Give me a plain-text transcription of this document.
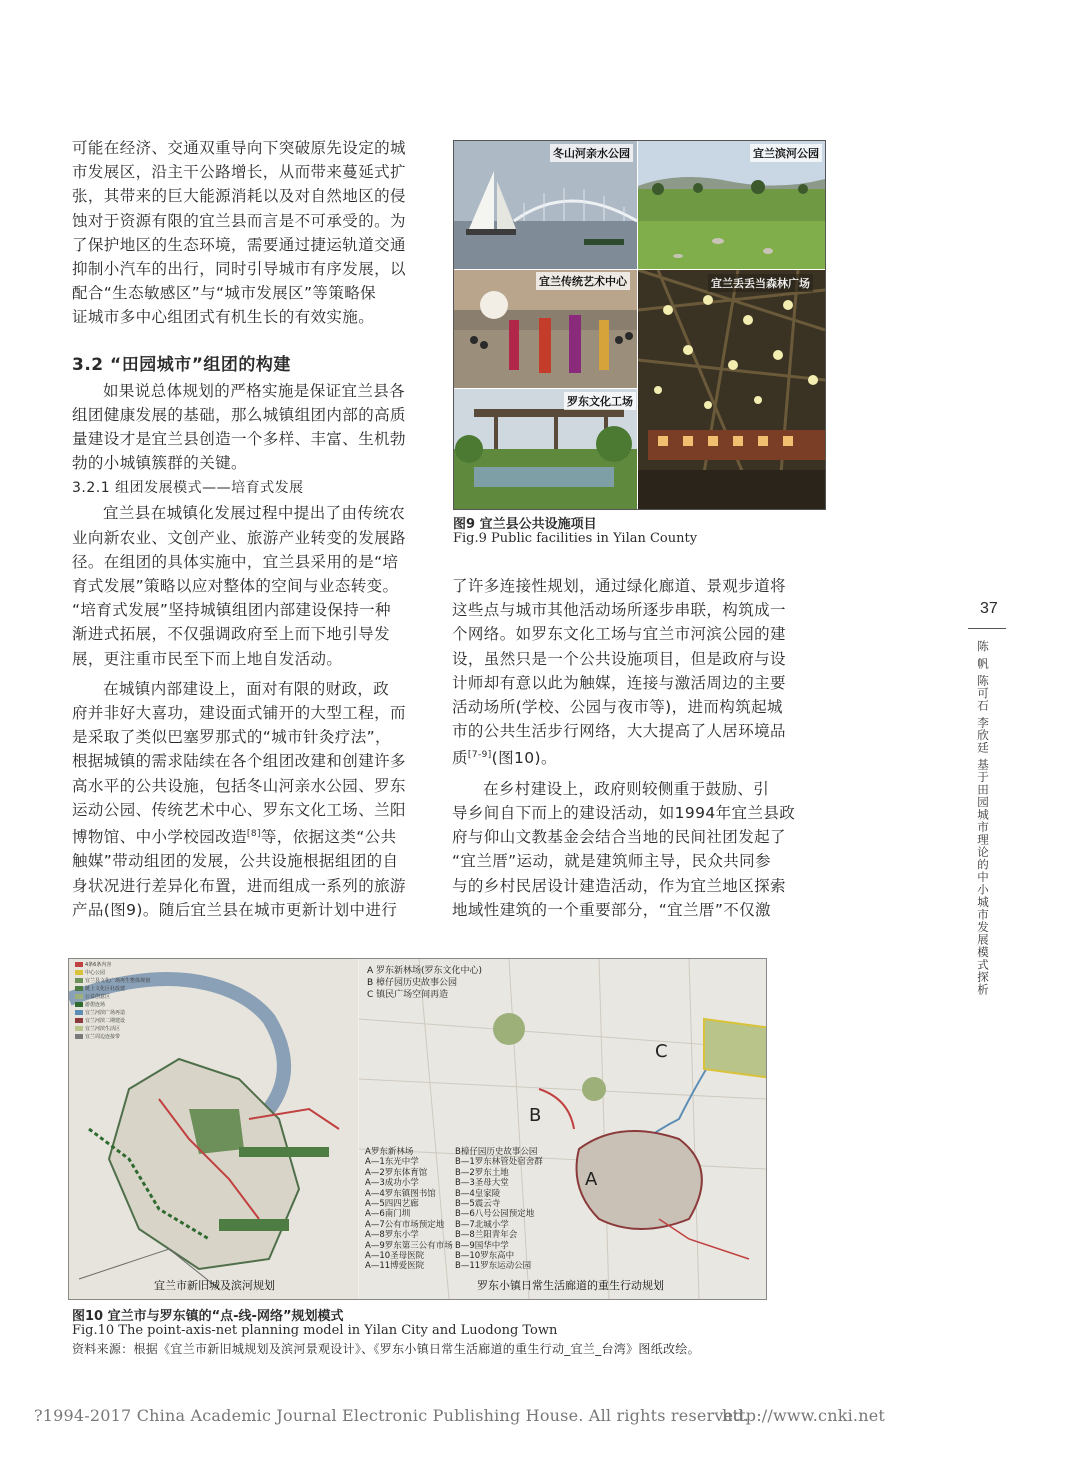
可能在经济、交通双重导向下突破原先设定的城
市发展区，沿主干公路增长，从而带来蔓延式扩
张，其带来的巨大能源消耗以及对自然地区的侵
蚀对于资源有限的宜兰县而言是不可承受的。为
了保护地区的生态环境，需要通过捷运轨道交通
抑制小汽车的出行，同时引导城市有序发展，以
配合“生态敏感区”与“城市发展区”等策略保
证城市多中心组团式有机生长的有效实施。
3.2 “田园城市”组团的构建
如果说总体规划的严格实施是保证宜兰县各
组团健康发展的基础，那么城镇组团内部的高质
量建设才是宜兰县创造一个多样、丰富、生机勃
勃的小城镇簇群的关键。
3.2.1 组团发展模式——培育式发展
宜兰县在城镇化发展过程中提出了由传统农
业向新农业、文创产业、旅游产业转变的发展路
径。在组团的具体实施中，宜兰县采用的是“培
育式发展”策略以应对整体的空间与业态转变。
“培育式发展”坚持城镇组团内部建设保持一种
渐进式拓展，不仅强调政府至上而下地引导发
展，更注重市民至下而上地自发活动。
在城镇内部建设上，面对有限的财政，政
府并非好大喜功，建设面式铺开的大型工程，而
是采取了类似巴塞罗那式的“城市针灸疗法”，
根据城镇的需求陆续在各个组团改建和创建许多
高水平的公共设施，包括冬山河亲水公园、罗东
运动公园、传统艺术中心、罗东文化工场、兰阳
博物馆、中小学校园改造[8]等，依据这类“公共
触媒”带动组团的发展，公共设施根据组团的自
身状况进行差异化布置，进而组成一系列的旅游
产品(图9)。随后宜兰县在城市更新计划中进行
冬山河亲水公园	宜兰滨河公园
宜兰传统艺术中心	宜兰丢丢当森林广场
罗东文化工场
图9 宜兰县公共设施项目
Fig.9 Public facilities in Yilan County
了许多连接性规划，通过绿化廊道、景观步道将
这些点与城市其他活动场所逐步串联，构筑成一
个网络。如罗东文化工场与宜兰市河滨公园的建
设，虽然只是一个公共设施项目，但是政府与设
计师却有意以此为触媒，连接与激活周边的主要
活动场所(学校、公园与夜市等)，进而构筑起城
市的公共生活步行网络，大大提高了人居环境品
质[7-9](图10)。
在乡村建设上，政府则较侧重于鼓励、引
导乡间自下而上的建设活动，如1994年宜兰县政
府与仰山文教基金会结合当地的民间社团发起了
“宜兰厝”运动，就是建筑师主导，民众共同参
与的乡村民居设计建造活动，作为宜兰地区探索
地域性建筑的一个重要部分，“宜兰厝”不仅激
37
陈 帆 陈可石 李欣廷 基于田园城市理论的中小城市发展模式探析
4条6条内容
中心公园
宜兰县文化广场再生整体规划
链上文化区社改建
公益创意区
游憩连场
宜兰河滨广场再造
宜兰河滨二期建设
宜兰河滨生活区
宜兰周边连接带
宜兰市新旧城及滨河规划
A 罗东新林场(罗东文化中心)
B 樟仔园历史故事公园
C 镇民广场空间再造
A
B
C
A罗东新林场
A—1东光中学
A—2罗东体育馆
A—3成功小学
A—4罗东镇图书馆
A—5四四艺廊
A—6南门圳
A—7公有市场预定地
A—8罗东小学
A—9罗东第三公有市场
A—10圣母医院
A—11博爱医院
B樟仔园历史故事公园
B—1罗东林管处宿舍群
B—2罗东土地
B—3圣母大堂
B—4皇家陵
B—5震云寺
B—6八号公园预定地
B—7北城小学
B—8兰阳青年会
B—9国华中学
B—10罗东高中
B—11罗东运动公园
罗东小镇日常生活廊道的重生行动规划
图10 宜兰市与罗东镇的“点-线-网络”规划模式
Fig.10 The point-axis-net planning model in Yilan City and Luodong Town
资料来源：根据《宜兰市新旧城规划及滨河景观设计》、《罗东小镇日常生活廊道的重生行动_宜兰_台湾》图纸改绘。
?1994-2017 China Academic Journal Electronic Publishing House. All rights reserved.
http://www.cnki.net
